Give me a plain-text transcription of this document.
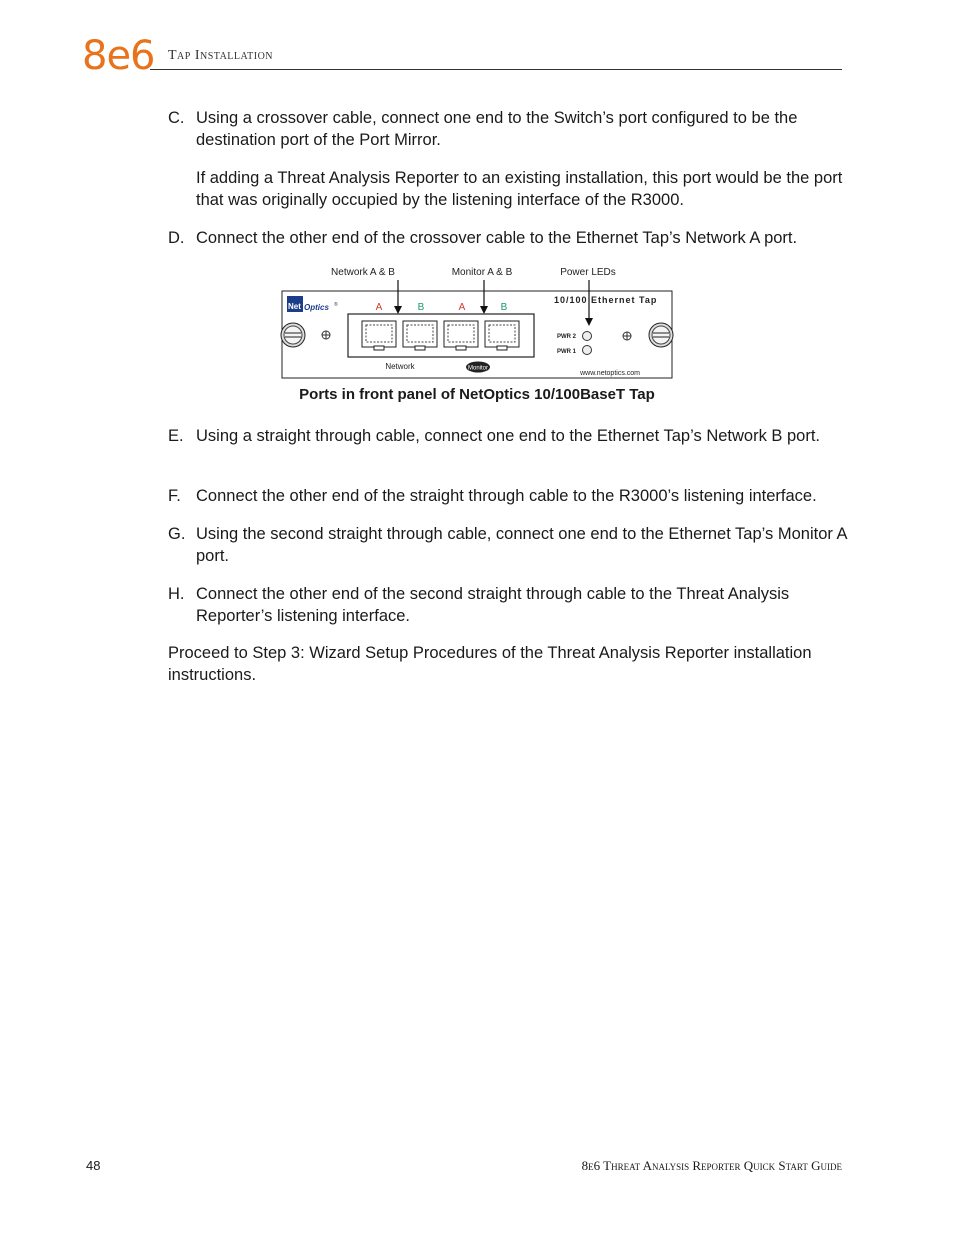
8e6 Tap Installation
C. Using a crossover cable, connect one end to the Switch’s port configured to be the destination port of the Port Mirror.

If adding a Threat Analysis Reporter to an existing installation, this port would be the port that was originally occupied by the listening interface of the R3000.

D. Connect the other end of the crossover cable to the Ethernet Tap’s Network A port.

Network A & B	Monitor A & B	Power LEDs
Net Optics ®	A	B	A	B
Network	Monitor
10/100 Ethernet Tap
PWR 2
PWR 1
www.netoptics.com
Ports in front panel of NetOptics 10/100BaseT Tap
E. Using a straight through cable, connect one end to the Ethernet Tap’s Network B port.

F. Connect the other end of the straight through cable to the R3000’s listening interface.

G. Using the second straight through cable, connect one end to the Ethernet Tap’s Monitor A port.

H. Connect the other end of the second straight through cable to the Threat Analysis Reporter’s listening interface.

Proceed to Step 3: Wizard Setup Procedures of the Threat Analysis Reporter installation instructions.

48	8e6 Threat Analysis Reporter Quick Start Guide
